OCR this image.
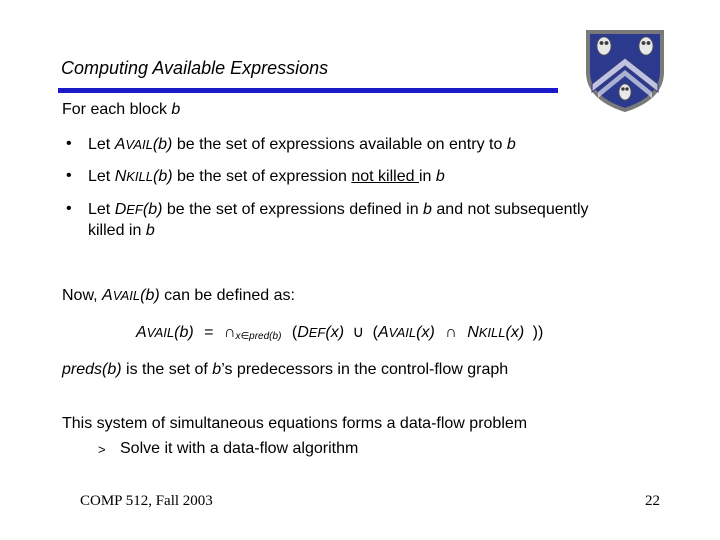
Computing Available Expressions
For each block b
• Let AVAIL(b) be the set of expressions available on entry to b
• Let NKILL(b) be the set of expression not killed in b
• Let DEF(b) be the set of expressions defined in b and not subsequently
killed in b
Now, AVAIL(b) can be defined as:
AVAIL(b) = $\cap_{x\in pred(b)}$ (DEF(x) ∪ (AVAIL(x) ∩ NKILL(x) ))
preds(b) is the set of b’s predecessors in the control-flow graph
This system of simultaneous equations forms a data-flow problem
> Solve it with a data-flow algorithm
COMP 512, Fall 2003	22
